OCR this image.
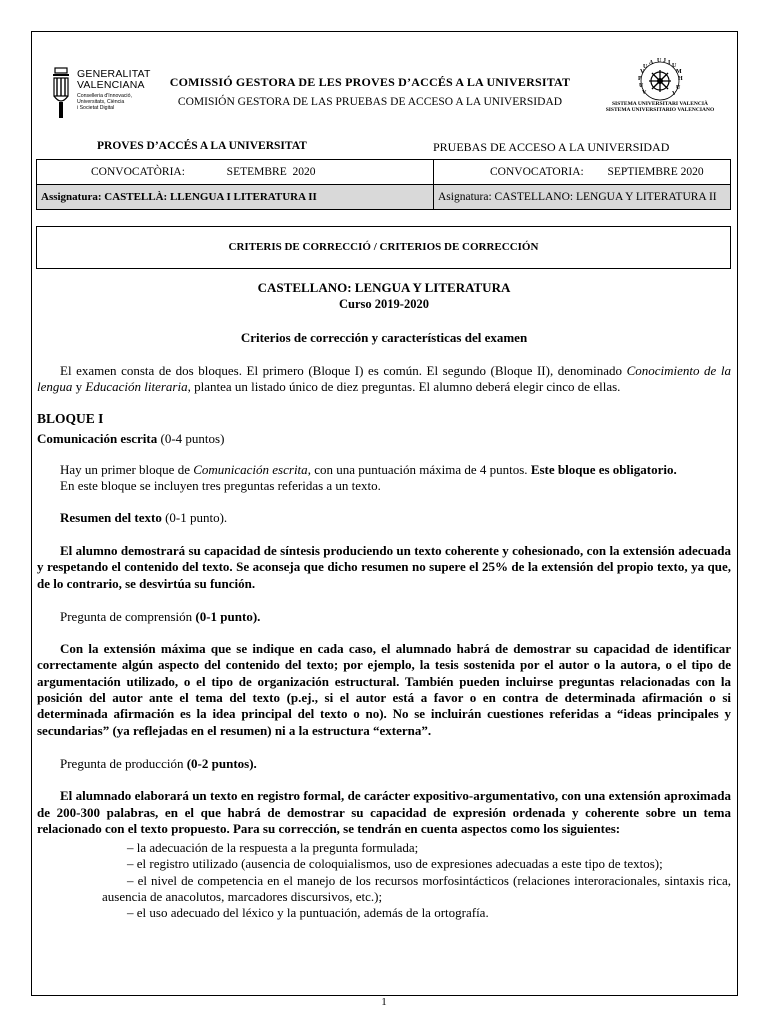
GENERALITAT
VALENCIANA
Conselleria d'Innovació,
Universitats, Ciència
i Societat Digital
COMISSIÓ GESTORA DE LES PROVES D’ACCÉS A LA UNIVERSITAT
COMISIÓN GESTORA DE LAS PRUEBAS DE ACCESO A LA UNIVERSIDAD
U
A U J I U
M
H
U
V
V
P
U
V
SISTEMA UNIVERSITARI VALENCIÀ
SISTEMA UNIVERSITARIO VALENCIANO
PROVES D’ACCÉS A LA UNIVERSITAT	PRUEBAS DE ACCESO A LA UNIVERSIDAD
CONVOCATÒRIA: SETEMBRE  2020	CONVOCATORIA: SEPTIEMBRE 2020
Assignatura: CASTELLÀ: LLENGUA I LITERATURA II	Asignatura: CASTELLANO: LENGUA Y LITERATURA II
CRITERIS DE CORRECCIÓ / CRITERIOS DE CORRECCIÓN

CASTELLANO: LENGUA Y LITERATURA

Curso 2019-2020

Criterios de corrección y características del examen

El examen consta de dos bloques. El primero (Bloque I) es común. El segundo (Bloque II), denominado Conocimiento de la lengua y Educación literaria, plantea un listado único de diez preguntas. El alumno deberá elegir cinco de ellas.

BLOQUE I

Comunicación escrita (0-4 puntos)

Hay un primer bloque de Comunicación escrita, con una puntuación máxima de 4 puntos. Este bloque es obligatorio.

En este bloque se incluyen tres preguntas referidas a un texto.

Resumen del texto (0-1 punto).

El alumno demostrará su capacidad de síntesis produciendo un texto coherente y cohesionado, con la extensión adecuada y respetando el contenido del texto. Se aconseja que dicho resumen no supere el 25% de la extensión del propio texto, ya que, de lo contrario, se desvirtúa su función.

Pregunta de comprensión (0-1 punto).

Con la extensión máxima que se indique en cada caso, el alumnado habrá de demostrar su capacidad de identificar correctamente algún aspecto del contenido del texto; por ejemplo, la tesis sostenida por el autor o la autora, o el tipo de argumentación utilizado, o el tipo de organización estructural. También pueden incluirse preguntas relacionadas con la posición del autor ante el tema del texto (p.ej., si el autor está a favor o en contra de determinada afirmación o si determinada afirmación es la idea principal del texto o no). No se incluirán cuestiones referidas a “ideas principales y secundarias” (ya reflejadas en el resumen) ni a la estructura “externa”.

Pregunta de producción (0-2 puntos).

El alumnado elaborará un texto en registro formal, de carácter expositivo-argumentativo, con una extensión aproximada de 200-300 palabras, en el que habrá de demostrar su capacidad de expresión ordenada y coherente sobre un tema relacionado con el texto propuesto. Para su corrección, se tendrán en cuenta aspectos como los siguientes:

– la adecuación de la respuesta a la pregunta formulada;

– el registro utilizado (ausencia de coloquialismos, uso de expresiones adecuadas a este tipo de textos);

– el nivel de competencia en el manejo de los recursos morfosintácticos (relaciones interoracionales, sintaxis rica, ausencia de anacolutos, marcadores discursivos, etc.);

– el uso adecuado del léxico y la puntuación, además de la ortografía.

1
